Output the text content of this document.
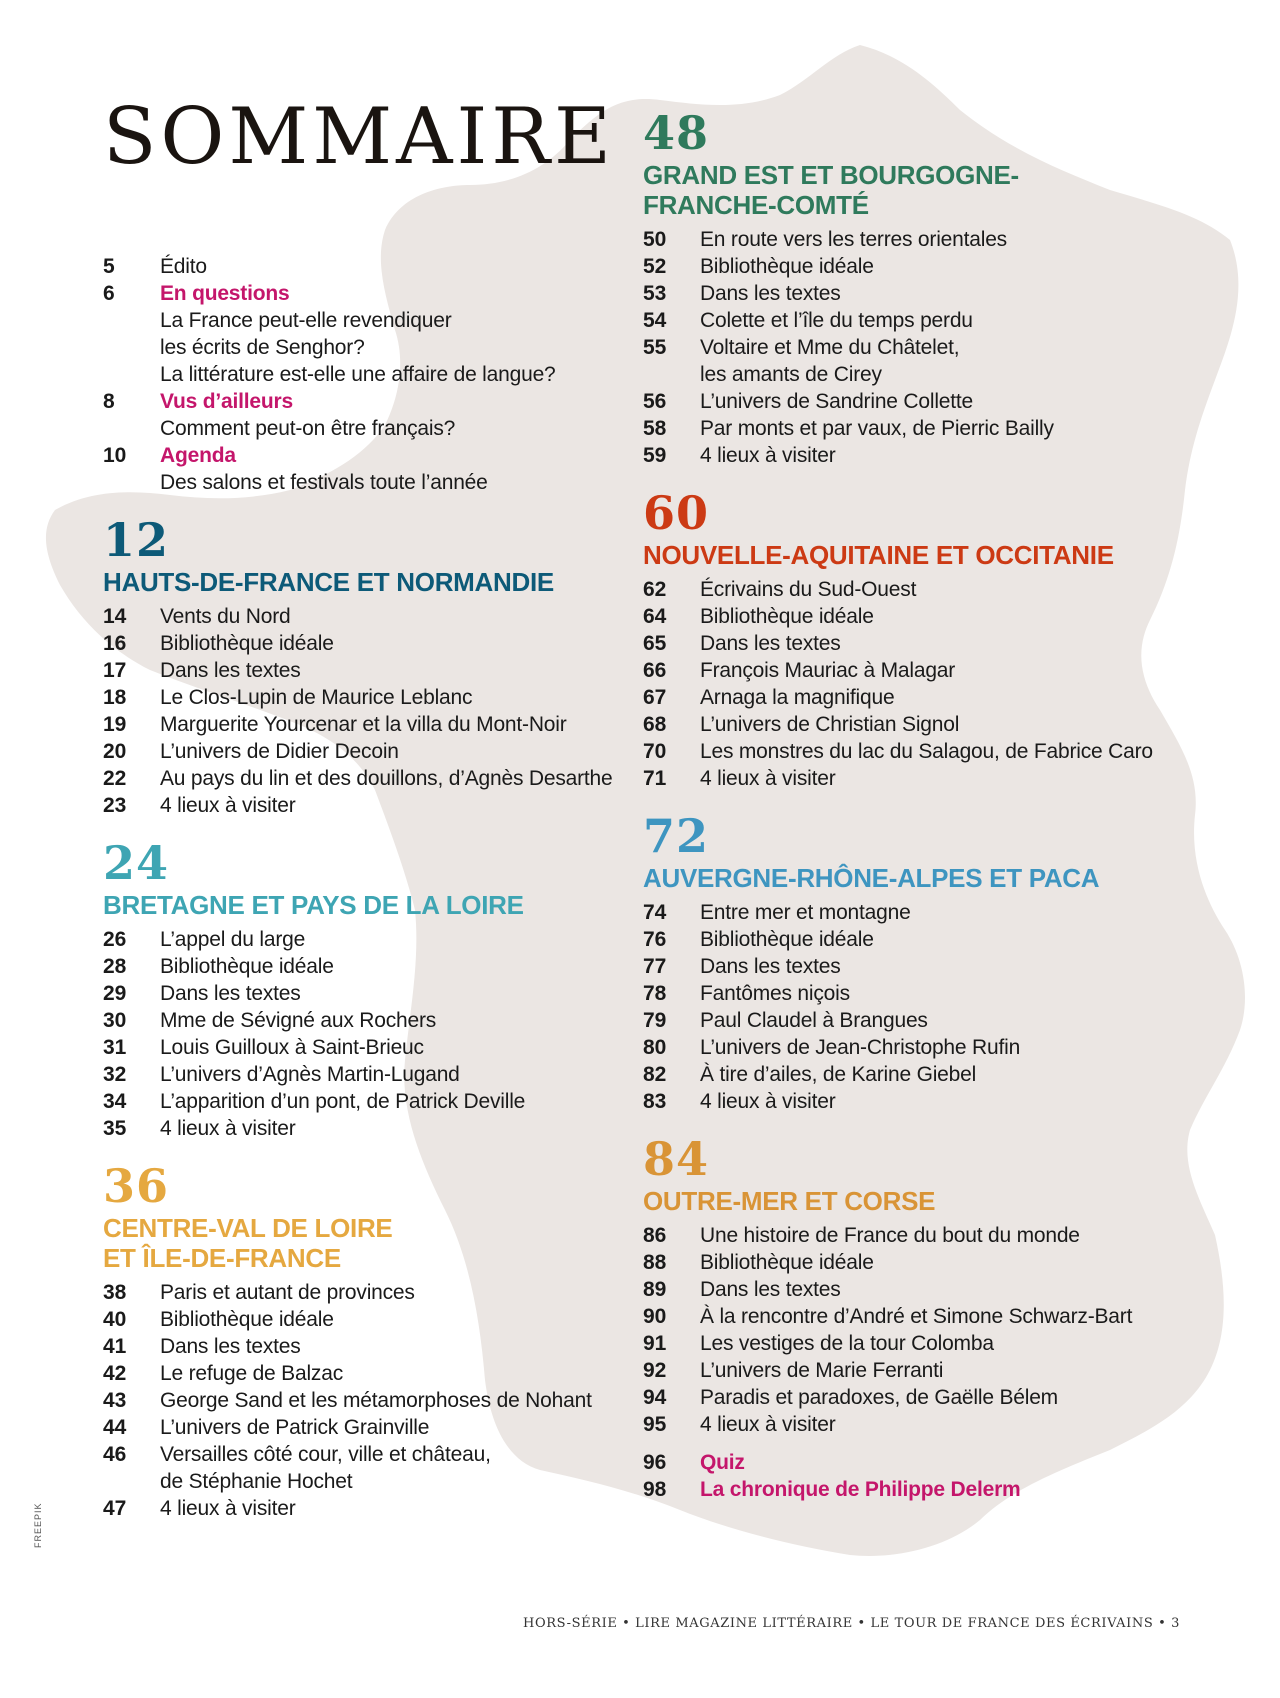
SOMMAIRE
5	Édito
6	En questions
La France peut-elle revendiquer
les écrits de Senghor?
La littérature est-elle une affaire de langue?
8	Vus d’ailleurs
Comment peut-on être français?
10	Agenda
Des salons et festivals toute l’année
12
HAUTS-DE-FRANCE ET NORMANDIE
14	Vents du Nord
16	Bibliothèque idéale
17	Dans les textes
18	Le Clos-Lupin de Maurice Leblanc
19	Marguerite Yourcenar et la villa du Mont-Noir
20	L’univers de Didier Decoin
22	Au pays du lin et des douillons, d’Agnès Desarthe
23	4 lieux à visiter
24
BRETAGNE ET PAYS DE LA LOIRE
26	L’appel du large
28	Bibliothèque idéale
29	Dans les textes
30	Mme de Sévigné aux Rochers
31	Louis Guilloux à Saint-Brieuc
32	L’univers d’Agnès Martin-Lugand
34	L’apparition d’un pont, de Patrick Deville
35	4 lieux à visiter
36
CENTRE-VAL DE LOIRE
ET ÎLE-DE-FRANCE
38	Paris et autant de provinces
40	Bibliothèque idéale
41	Dans les textes
42	Le refuge de Balzac
43	George Sand et les métamorphoses de Nohant
44	L’univers de Patrick Grainville
46	Versailles côté cour, ville et château,
de Stéphanie Hochet
47	4 lieux à visiter
48
GRAND EST ET BOURGOGNE-
FRANCHE-COMTÉ
50	En route vers les terres orientales
52	Bibliothèque idéale
53	Dans les textes
54	Colette et l’île du temps perdu
55	Voltaire et Mme du Châtelet,
les amants de Cirey
56	L’univers de Sandrine Collette
58	Par monts et par vaux, de Pierric Bailly
59	4 lieux à visiter
60
NOUVELLE-AQUITAINE ET OCCITANIE
62	Écrivains du Sud-Ouest
64	Bibliothèque idéale
65	Dans les textes
66	François Mauriac à Malagar
67	Arnaga la magnifique
68	L’univers de Christian Signol
70	Les monstres du lac du Salagou, de Fabrice Caro
71	4 lieux à visiter
72
AUVERGNE-RHÔNE-ALPES ET PACA
74	Entre mer et montagne
76	Bibliothèque idéale
77	Dans les textes
78	Fantômes niçois
79	Paul Claudel à Brangues
80	L’univers de Jean-Christophe Rufin
82	À tire d’ailes, de Karine Giebel
83	4 lieux à visiter
84
OUTRE-MER ET CORSE
86	Une histoire de France du bout du monde
88	Bibliothèque idéale
89	Dans les textes
90	À la rencontre d’André et Simone Schwarz-Bart
91	Les vestiges de la tour Colomba
92	L’univers de Marie Ferranti
94	Paradis et paradoxes, de Gaëlle Bélem
95	4 lieux à visiter
96	Quiz
98	La chronique de Philippe Delerm
FREEPIK
HORS-SÉRIE • LIRE MAGAZINE LITTÉRAIRE • LE TOUR DE FRANCE DES ÉCRIVAINS • 3
